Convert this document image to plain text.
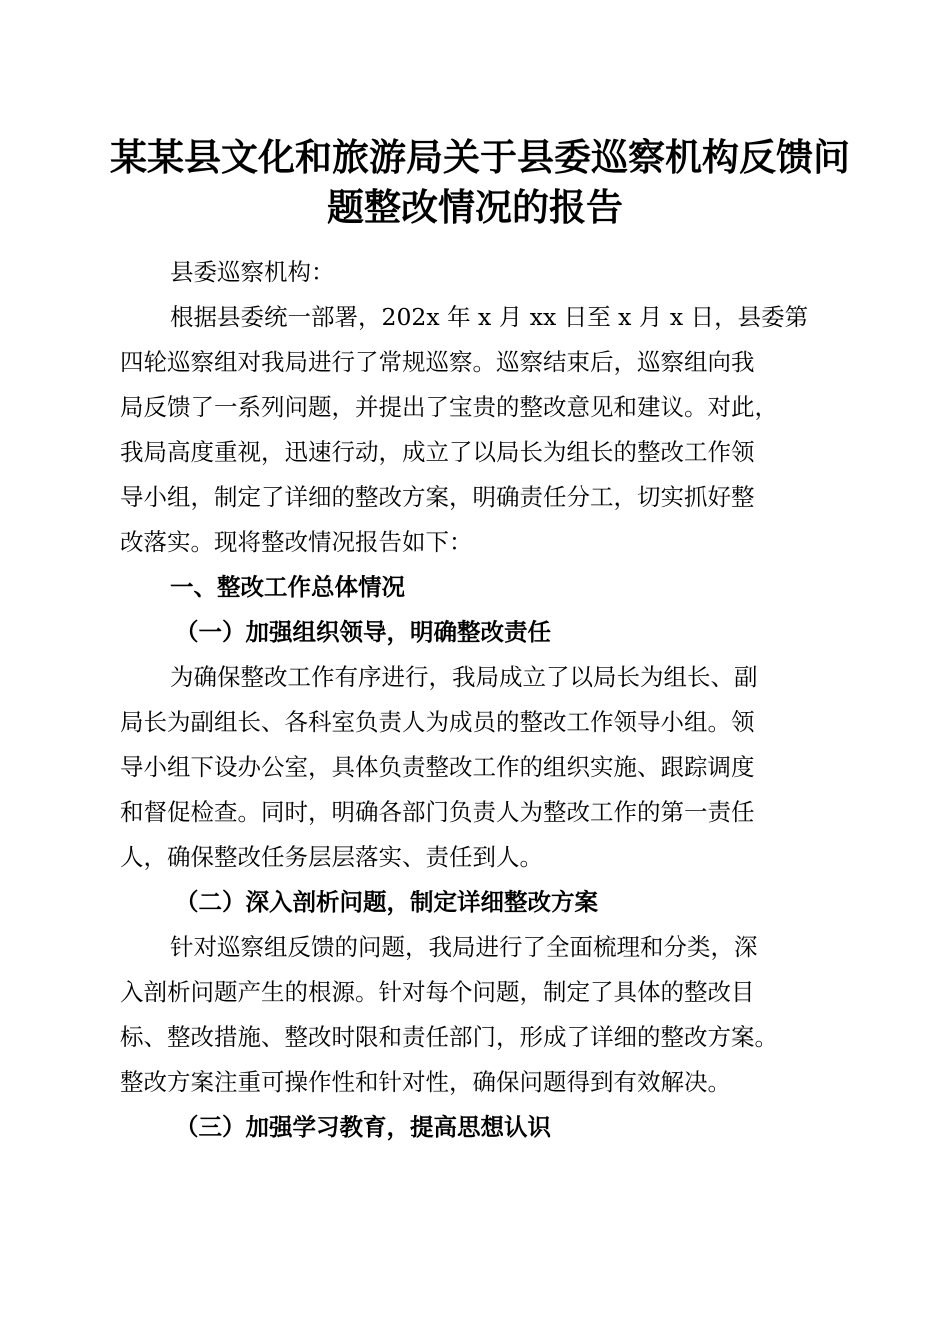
某某县文化和旅游局关于县委巡察机构反馈问
题整改情况的报告
县委巡察机构：
根据县委统一部署，202x 年 x 月 xx 日至 x 月 x 日，县委第
四轮巡察组对我局进行了常规巡察。巡察结束后，巡察组向我
局反馈了一系列问题，并提出了宝贵的整改意见和建议。对此，
我局高度重视，迅速行动，成立了以局长为组长的整改工作领
导小组，制定了详细的整改方案，明确责任分工，切实抓好整
改落实。现将整改情况报告如下：
一、整改工作总体情况
（一）加强组织领导，明确整改责任
为确保整改工作有序进行，我局成立了以局长为组长、副
局长为副组长、各科室负责人为成员的整改工作领导小组。领
导小组下设办公室，具体负责整改工作的组织实施、跟踪调度
和督促检查。同时，明确各部门负责人为整改工作的第一责任
人，确保整改任务层层落实、责任到人。
（二）深入剖析问题，制定详细整改方案
针对巡察组反馈的问题，我局进行了全面梳理和分类，深
入剖析问题产生的根源。针对每个问题，制定了具体的整改目
标、整改措施、整改时限和责任部门，形成了详细的整改方案。
整改方案注重可操作性和针对性，确保问题得到有效解决。
（三）加强学习教育，提高思想认识
